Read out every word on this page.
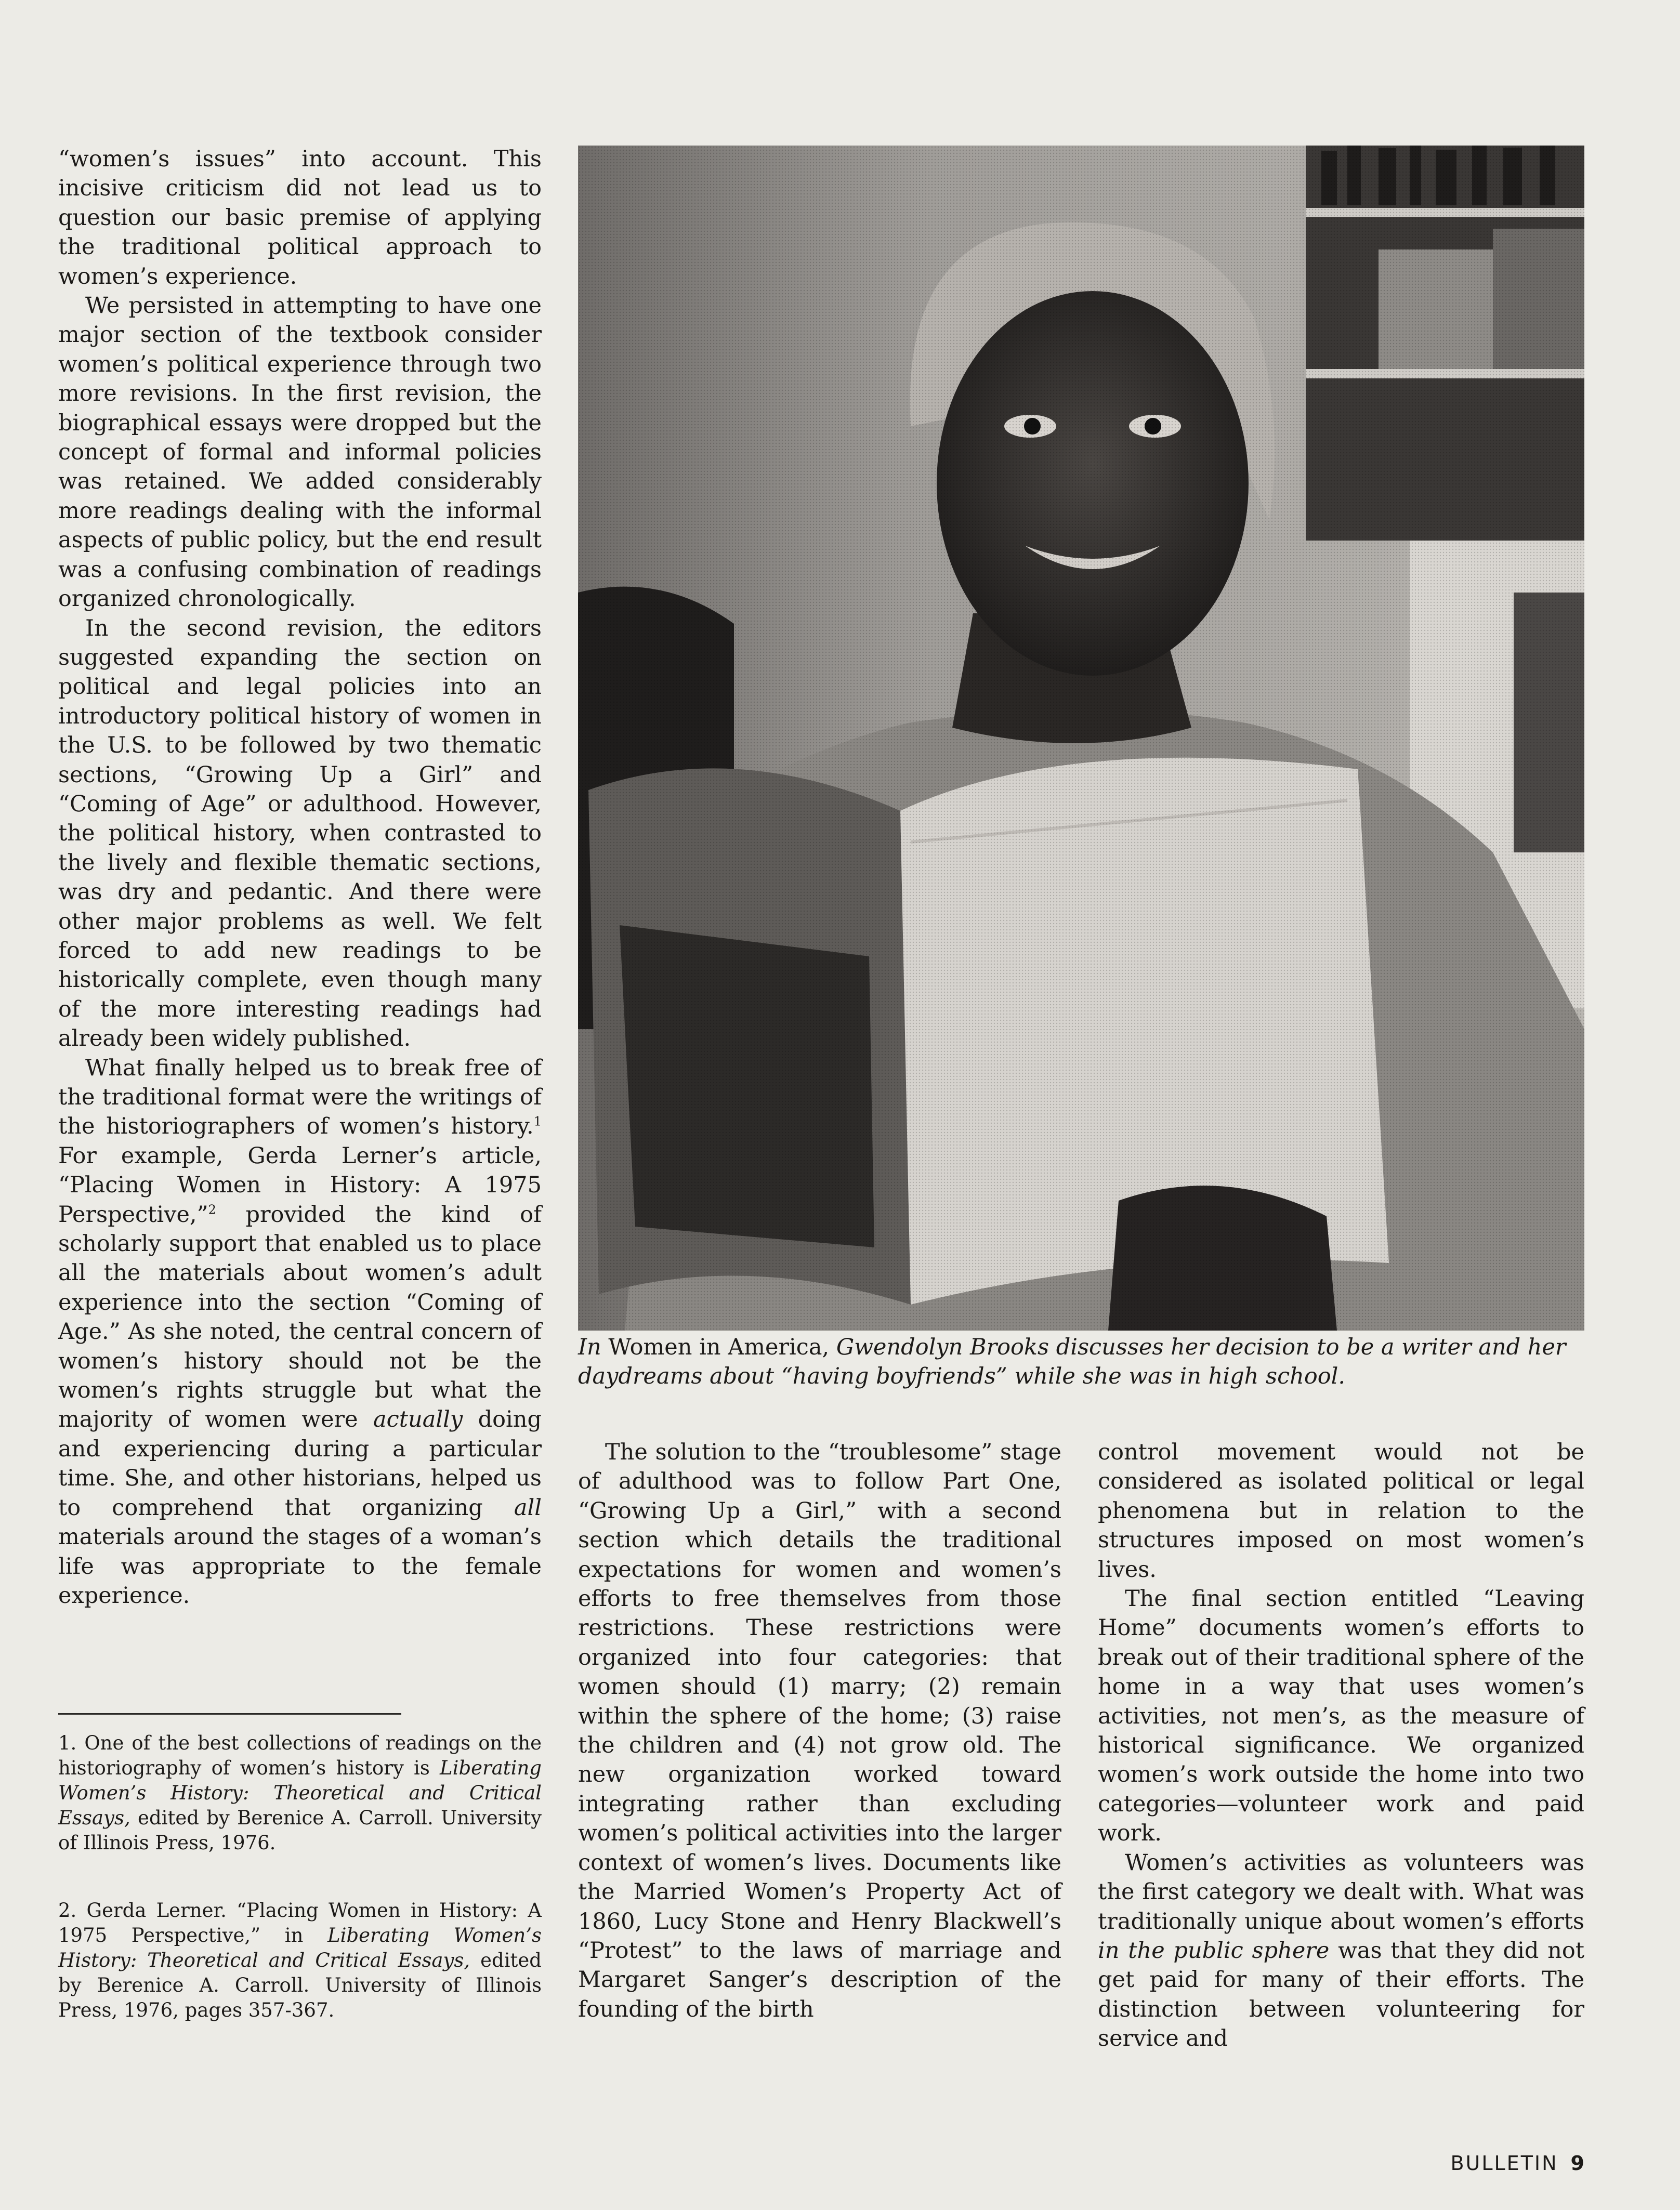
“women’s issues” into account. This incisive criticism did not lead us to question our basic premise of applying the traditional political approach to women’s experience.

We persisted in attempting to have one major section of the textbook consider women’s political experience through two more revisions. In the first revision, the biographical essays were dropped but the concept of formal and informal policies was retained. We added considerably more readings dealing with the informal aspects of public policy, but the end result was a confusing combination of readings organized chronologically.

In the second revision, the editors suggested expanding the section on political and legal policies into an introductory political history of women in the U.S. to be followed by two thematic sections, “Growing Up a Girl” and “Coming of Age” or adulthood. However, the political history, when contrasted to the lively and flexible thematic sections, was dry and pedantic. And there were other major problems as well. We felt forced to add new readings to be historically complete, even though many of the more interesting readings had already been widely published.

What finally helped us to break free of the traditional format were the writings of the historiographers of women’s history.$^1$ For example, Gerda Lerner’s article, “Placing Women in History: A 1975 Perspective,”$^2$ provided the kind of scholarly support that enabled us to place all the materials about women’s adult experience into the section “Coming of Age.” As she noted, the central concern of women’s history should not be the women’s rights struggle but what the majority of women were actually doing and experiencing during a particular time. She, and other historians, helped us to comprehend that organizing all materials around the stages of a woman’s life was appropriate to the female experience.

1. One of the best collections of readings on the historiography of women’s history is Liberating Women’s History: Theoretical and Critical Essays, edited by Berenice A. Carroll. University of Illinois Press, 1976.

2. Gerda Lerner. “Placing Women in History: A 1975 Perspective,” in Liberating Women’s History: Theoretical and Critical Essays, edited by Berenice A. Carroll. University of Illinois Press, 1976, pages 357-367.

In Women in America, Gwendolyn Brooks discusses her decision to be a writer and her daydreams about “having boyfriends” while she was in high school.

The solution to the “troublesome” stage of adulthood was to follow Part One, “Growing Up a Girl,” with a second section which details the traditional expectations for women and women’s efforts to free themselves from those restrictions. These restrictions were organized into four categories: that women should (1) marry; (2) remain within the sphere of the home; (3) raise the children and (4) not grow old. The new organization worked toward integrating rather than excluding women’s political activities into the larger context of women’s lives. Documents like the Married Women’s Property Act of 1860, Lucy Stone and Henry Blackwell’s “Protest” to the laws of marriage and Margaret Sanger’s description of the founding of the birth

control movement would not be considered as isolated political or legal phenomena but in relation to the structures imposed on most women’s lives.

The final section entitled “Leaving Home” documents women’s efforts to break out of their traditional sphere of the home in a way that uses women’s activities, not men’s, as the measure of historical significance. We organized women’s work outside the home into two categories—volunteer work and paid work.

Women’s activities as volunteers was the first category we dealt with. What was traditionally unique about women’s efforts in the public sphere was that they did not get paid for many of their efforts. The distinction between volunteering for service and

BULLETIN 9
